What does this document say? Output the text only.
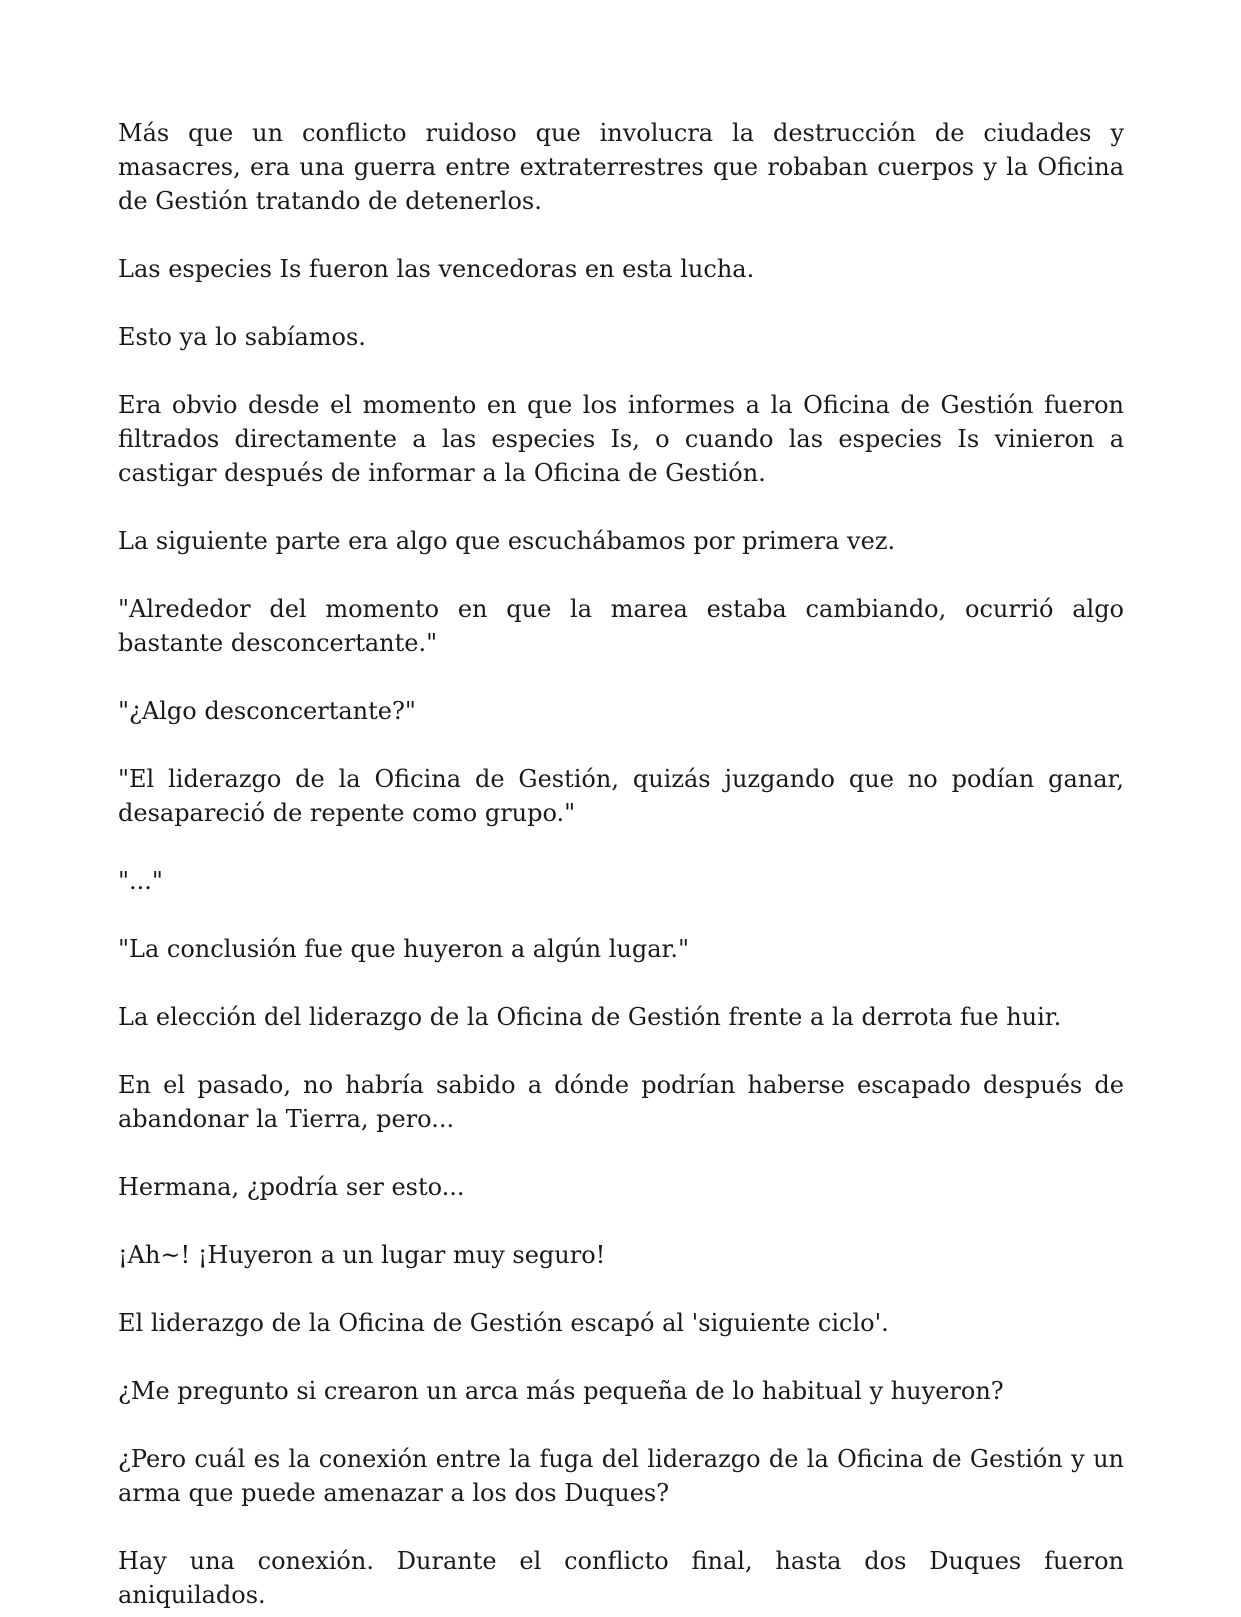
Más que un conflicto ruidoso que involucra la destrucción de ciudades y masacres, era una guerra entre extraterrestres que robaban cuerpos y la Oficina de Gestión tratando de detenerlos.

Las especies Is fueron las vencedoras en esta lucha.

Esto ya lo sabíamos.

Era obvio desde el momento en que los informes a la Oficina de Gestión fueron filtrados directamente a las especies Is, o cuando las especies Is vinieron a castigar después de informar a la Oficina de Gestión.

La siguiente parte era algo que escuchábamos por primera vez.

"Alrededor del momento en que la marea estaba cambiando, ocurrió algo bastante desconcertante."

"¿Algo desconcertante?"

"El liderazgo de la Oficina de Gestión, quizás juzgando que no podían ganar, desapareció de repente como grupo."

"..."

"La conclusión fue que huyeron a algún lugar."

La elección del liderazgo de la Oficina de Gestión frente a la derrota fue huir.

En el pasado, no habría sabido a dónde podrían haberse escapado después de abandonar la Tierra, pero...

Hermana, ¿podría ser esto...

¡Ah~! ¡Huyeron a un lugar muy seguro!

El liderazgo de la Oficina de Gestión escapó al 'siguiente ciclo'.

¿Me pregunto si crearon un arca más pequeña de lo habitual y huyeron?

¿Pero cuál es la conexión entre la fuga del liderazgo de la Oficina de Gestión y un arma que puede amenazar a los dos Duques?

Hay una conexión. Durante el conflicto final, hasta dos Duques fueron aniquilados.
